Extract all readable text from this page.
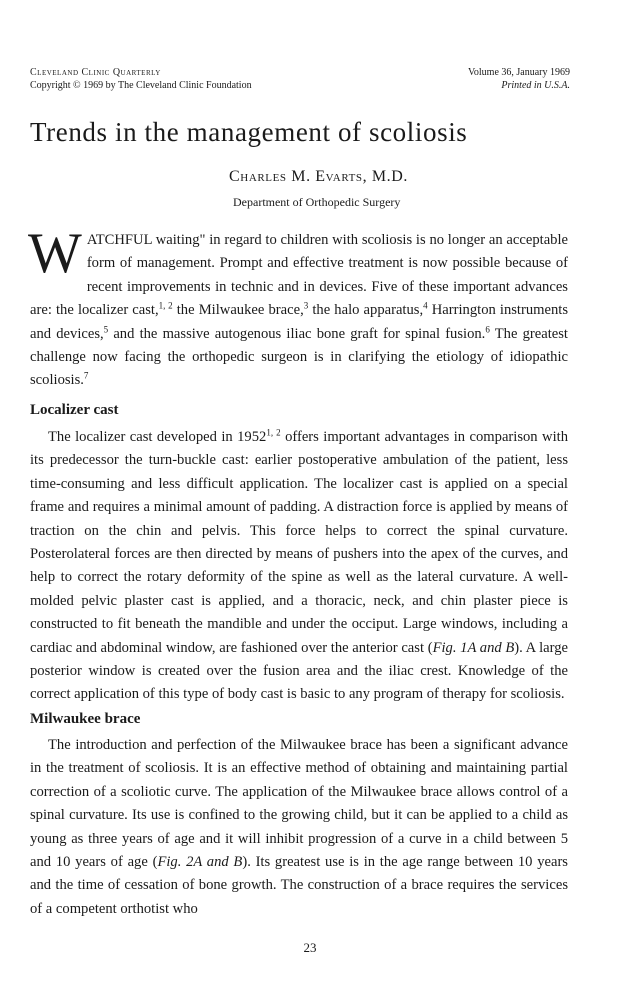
Cleveland Clinic Quarterly
Copyright © 1969 by The Cleveland Clinic Foundation
Volume 36, January 1969
Printed in U.S.A.
Trends in the management of scoliosis
Charles M. Evarts, M.D.
Department of Orthopedic Surgery
WATCHFUL waiting" in regard to children with scoliosis is no longer an acceptable form of management. Prompt and effective treatment is now possible because of recent improvements in technic and in devices. Five of these important advances are: the localizer cast,$^{1, 2}$ the Milwaukee brace,$^3$ the halo apparatus,$^4$ Harrington instruments and devices,$^5$ and the massive autogenous iliac bone graft for spinal fusion.$^6$ The greatest challenge now facing the orthopedic surgeon is in clarifying the etiology of idiopathic scoliosis.$^7$
Localizer cast
The localizer cast developed in 1952$^{1, 2}$ offers important advantages in comparison with its predecessor the turn-buckle cast: earlier postoperative ambulation of the patient, less time-consuming and less difficult application. The localizer cast is applied on a special frame and requires a minimal amount of padding. A distraction force is applied by means of traction on the chin and pelvis. This force helps to correct the spinal curvature. Posterolateral forces are then directed by means of pushers into the apex of the curves, and help to correct the rotary deformity of the spine as well as the lateral curvature. A well-molded pelvic plaster cast is applied, and a thoracic, neck, and chin plaster piece is constructed to fit beneath the mandible and under the occiput. Large windows, including a cardiac and abdominal window, are fashioned over the anterior cast (Fig. 1A and B). A large posterior window is created over the fusion area and the iliac crest. Knowledge of the correct application of this type of body cast is basic to any program of therapy for scoliosis.
Milwaukee brace
The introduction and perfection of the Milwaukee brace has been a significant advance in the treatment of scoliosis. It is an effective method of obtaining and maintaining partial correction of a scoliotic curve. The application of the Milwaukee brace allows control of a spinal curvature. Its use is confined to the growing child, but it can be applied to a child as young as three years of age and it will inhibit progression of a curve in a child between 5 and 10 years of age (Fig. 2A and B). Its greatest use is in the age range between 10 years and the time of cessation of bone growth. The construction of a brace requires the services of a competent orthotist who
23
